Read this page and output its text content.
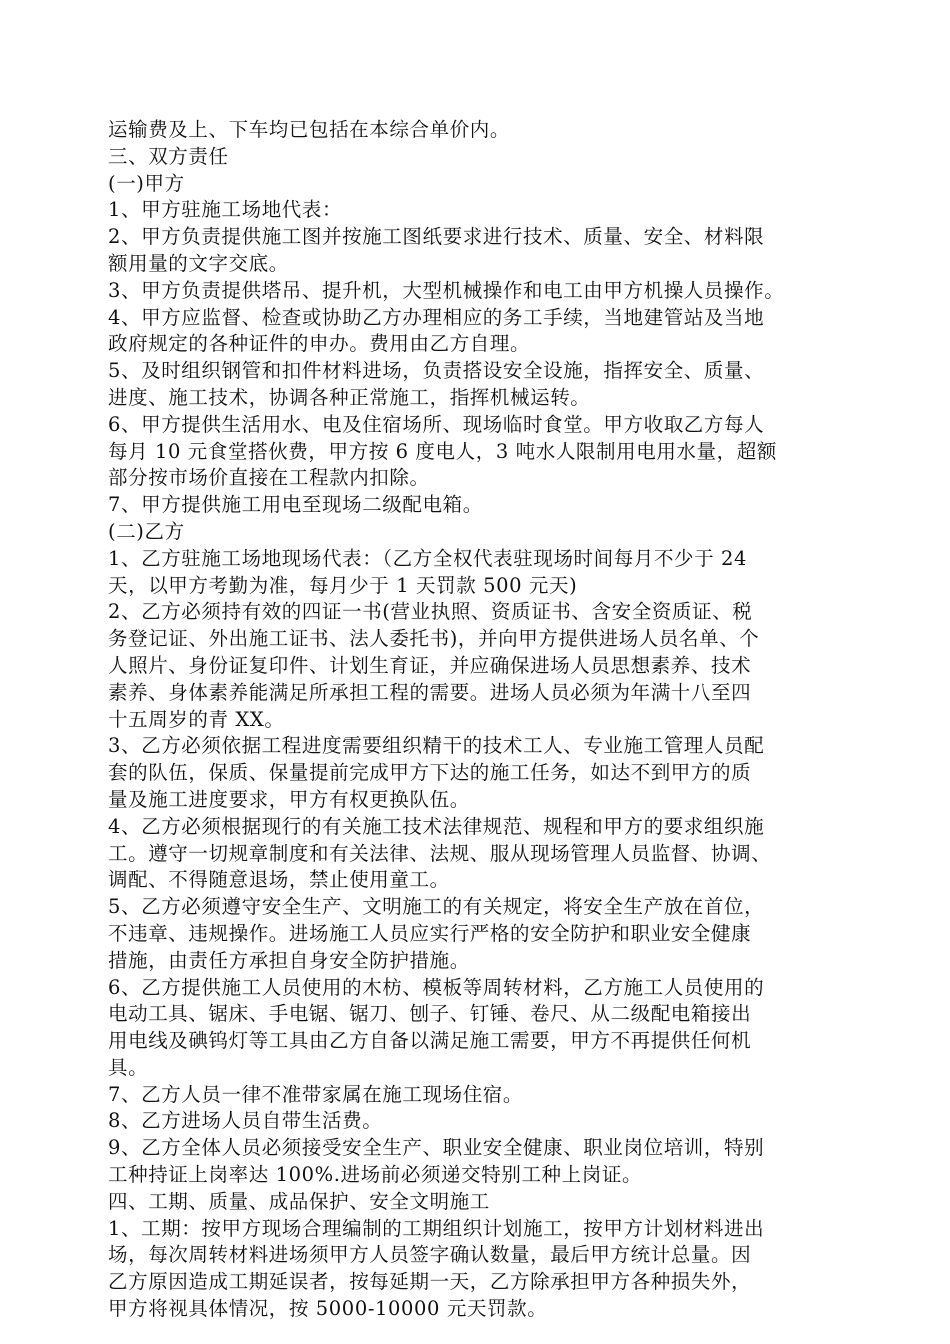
运输费及上、下车均已包括在本综合单价内。
三、双方责任
(一)甲方
1、甲方驻施工场地代表：
2、甲方负责提供施工图并按施工图纸要求进行技术、质量、安全、材料限
额用量的文字交底。
3、甲方负责提供塔吊、提升机，大型机械操作和电工由甲方机操人员操作。
4、甲方应监督、检查或协助乙方办理相应的务工手续，当地建管站及当地
政府规定的各种证件的申办。费用由乙方自理。
5、及时组织钢管和扣件材料进场，负责搭设安全设施，指挥安全、质量、
进度、施工技术，协调各种正常施工，指挥机械运转。
6、甲方提供生活用水、电及住宿场所、现场临时食堂。甲方收取乙方每人
每月 10 元食堂搭伙费，甲方按 6 度电人，3 吨水人限制用电用水量，超额
部分按市场价直接在工程款内扣除。
7、甲方提供施工用电至现场二级配电箱。
(二)乙方
1、乙方驻施工场地现场代表：（乙方全权代表驻现场时间每月不少于 24
天，以甲方考勤为准，每月少于 1 天罚款 500 元天)
2、乙方必须持有效的四证一书(营业执照、资质证书、含安全资质证、税
务登记证、外出施工证书、法人委托书)，并向甲方提供进场人员名单、个
人照片、身份证复印件、计划生育证，并应确保进场人员思想素养、技术
素养、身体素养能满足所承担工程的需要。进场人员必须为年满十八至四
十五周岁的青 XX。
3、乙方必须依据工程进度需要组织精干的技术工人、专业施工管理人员配
套的队伍，保质、保量提前完成甲方下达的施工任务，如达不到甲方的质
量及施工进度要求，甲方有权更换队伍。
4、乙方必须根据现行的有关施工技术法律规范、规程和甲方的要求组织施
工。遵守一切规章制度和有关法律、法规、服从现场管理人员监督、协调、
调配、不得随意退场，禁止使用童工。
5、乙方必须遵守安全生产、文明施工的有关规定，将安全生产放在首位，
不违章、违规操作。进场施工人员应实行严格的安全防护和职业安全健康
措施，由责任方承担自身安全防护措施。
6、乙方提供施工人员使用的木枋、模板等周转材料，乙方施工人员使用的
电动工具、锯床、手电锯、锯刀、刨子、钉锤、卷尺、从二级配电箱接出
用电线及碘钨灯等工具由乙方自备以满足施工需要，甲方不再提供任何机
具。
7、乙方人员一律不准带家属在施工现场住宿。
8、乙方进场人员自带生活费。
9、乙方全体人员必须接受安全生产、职业安全健康、职业岗位培训，特别
工种持证上岗率达 100%.进场前必须递交特别工种上岗证。
四、工期、质量、成品保护、安全文明施工
1、工期：按甲方现场合理编制的工期组织计划施工，按甲方计划材料进出
场，每次周转材料进场须甲方人员签字确认数量，最后甲方统计总量。因
乙方原因造成工期延误者，按每延期一天，乙方除承担甲方各种损失外，
甲方将视具体情况，按 5000-10000 元天罚款。
